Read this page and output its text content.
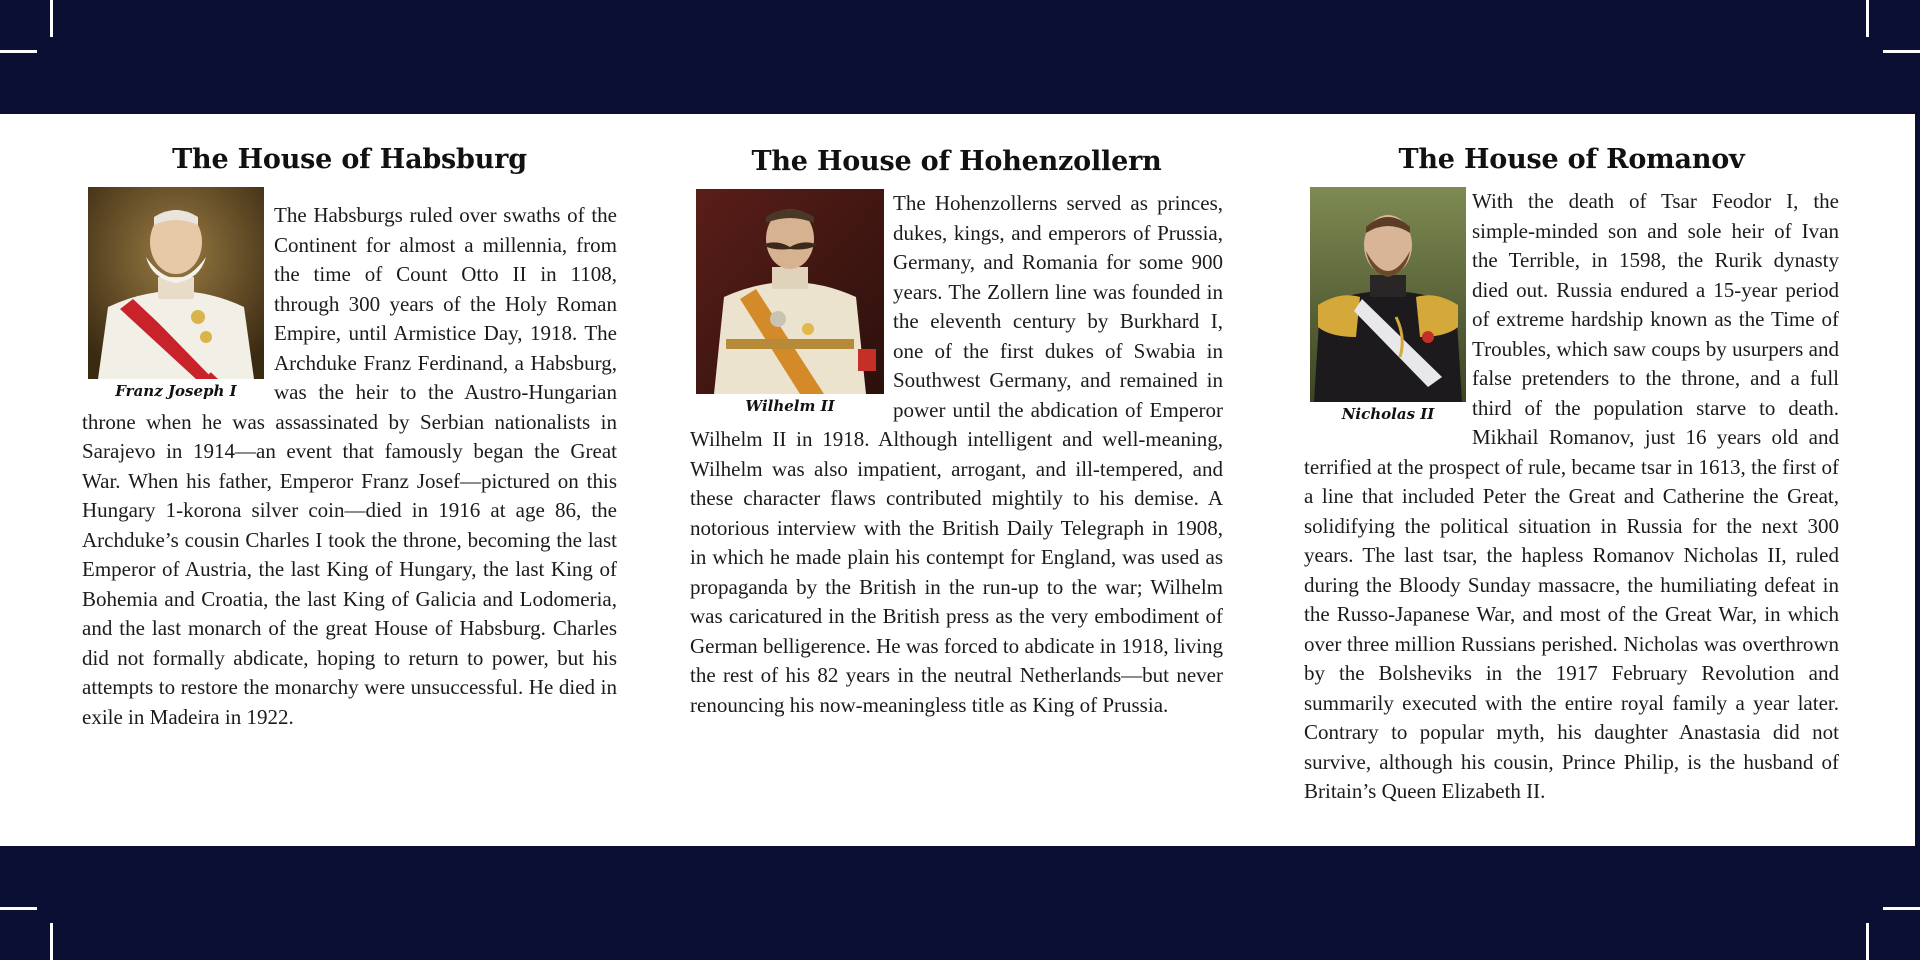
The House of Habsburg
Franz Joseph I

The Habsburgs ruled over swaths of the Continent for almost a millennia, from the time of Count Otto II in 1108, through 300 years of the Holy Roman Empire, until Armistice Day, 1918. The Archduke Franz Ferdinand, a Habsburg, was the heir to the Austro-Hungarian throne when he was assassinated by Serbian nationalists in Sarajevo in 1914—an event that famously began the Great War. When his father, Emperor Franz Josef—pictured on this Hungary 1-korona silver coin—died in 1916 at age 86, the Archduke’s cousin Charles I took the throne, becoming the last Emperor of Austria, the last King of Hungary, the last King of Bohemia and Croatia, the last King of Galicia and Lodomeria, and the last monarch of the great House of Habsburg. Charles did not formally abdicate, hoping to return to power, but his attempts to restore the monarchy were unsuccessful. He died in exile in Madeira in 1922.

The House of Hohenzollern
Wilhelm II

The Hohenzollerns served as princes, dukes, kings, and emperors of Prussia, Germany, and Romania for some 900 years. The Zollern line was founded in the eleventh century by Burkhard I, one of the first dukes of Swabia in Southwest Germany, and remained in power until the abdication of Emperor Wilhelm II in 1918. Although intelligent and well-meaning, Wilhelm was also impatient, arrogant, and ill-tempered, and these character flaws contributed mightily to his demise. A notorious interview with the British Daily Telegraph in 1908, in which he made plain his contempt for England, was used as propaganda by the British in the run-up to the war; Wilhelm was caricatured in the British press as the very embodiment of German belligerence. He was forced to abdicate in 1918, living the rest of his 82 years in the neutral Netherlands—but never renouncing his now-meaningless title as King of Prussia.

The House of Romanov
Nicholas II

With the death of Tsar Feodor I, the simple-minded son and sole heir of Ivan the Terrible, in 1598, the Rurik dynasty died out. Russia endured a 15-year period of extreme hardship known as the Time of Troubles, which saw coups by usurpers and false pretenders to the throne, and a full third of the population starve to death. Mikhail Romanov, just 16 years old and terrified at the prospect of rule, became tsar in 1613, the first of a line that included Peter the Great and Catherine the Great, solidifying the political situation in Russia for the next 300 years. The last tsar, the hapless Romanov Nicholas II, ruled during the Bloody Sunday massacre, the humiliating defeat in the Russo-Japanese War, and most of the Great War, in which over three million Russians perished. Nicholas was overthrown by the Bolsheviks in the 1917 February Revolution and summarily executed with the entire royal family a year later. Contrary to popular myth, his daughter Anastasia did not survive, although his cousin, Prince Philip, is the husband of Britain’s Queen Elizabeth II.
